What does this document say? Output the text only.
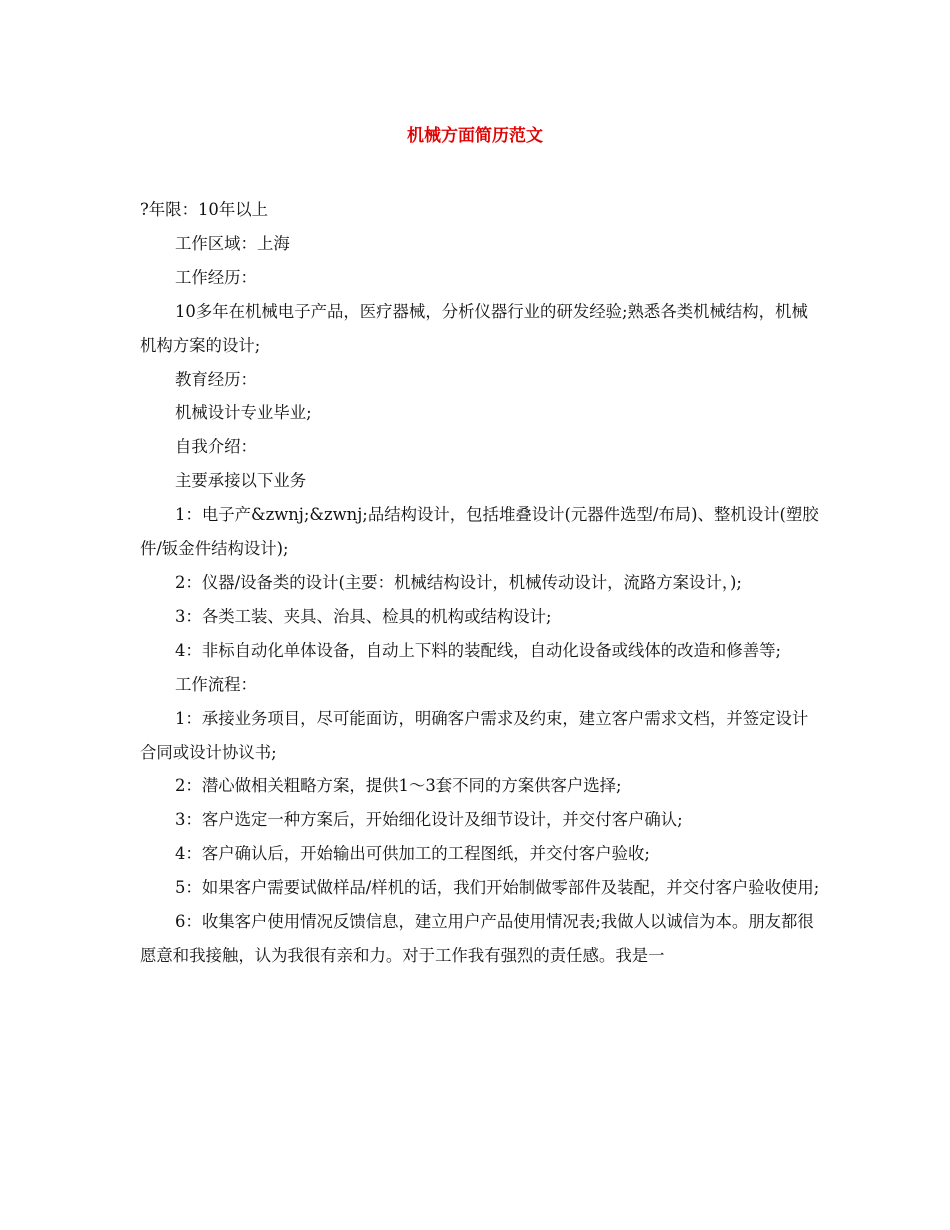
机械方面简历范文

?年限：10年以上

工作区域：上海

工作经历：

10多年在机械电子产品，医疗器械，分析仪器行业的研发经验;熟悉各类机械结构，机械机构方案的设计;

教育经历：

机械设计专业毕业;

自我介绍：

主要承接以下业务

1：电子产&zwnj;&zwnj;品结构设计，包括堆叠设计(元器件选型/布局)、整机设计(塑胶件/钣金件结构设计);

2：仪器/设备类的设计(主要：机械结构设计，机械传动设计，流路方案设计，);

3：各类工装、夹具、治具、检具的机构或结构设计;

4：非标自动化单体设备，自动上下料的装配线，自动化设备或线体的改造和修善等;

工作流程：

1：承接业务项目，尽可能面访，明确客户需求及约束，建立客户需求文档，并签定设计合同或设计协议书;

2：潜心做相关粗略方案，提供1～3套不同的方案供客户选择;

3：客户选定一种方案后，开始细化设计及细节设计，并交付客户确认;

4：客户确认后，开始输出可供加工的工程图纸，并交付客户验收;

5：如果客户需要试做样品/样机的话，我们开始制做零部件及装配，并交付客户验收使用;

6：收集客户使用情况反馈信息，建立用户产品使用情况表;我做人以诚信为本。朋友都很愿意和我接触，认为我很有亲和力。对于工作我有强烈的责任感。我是一
